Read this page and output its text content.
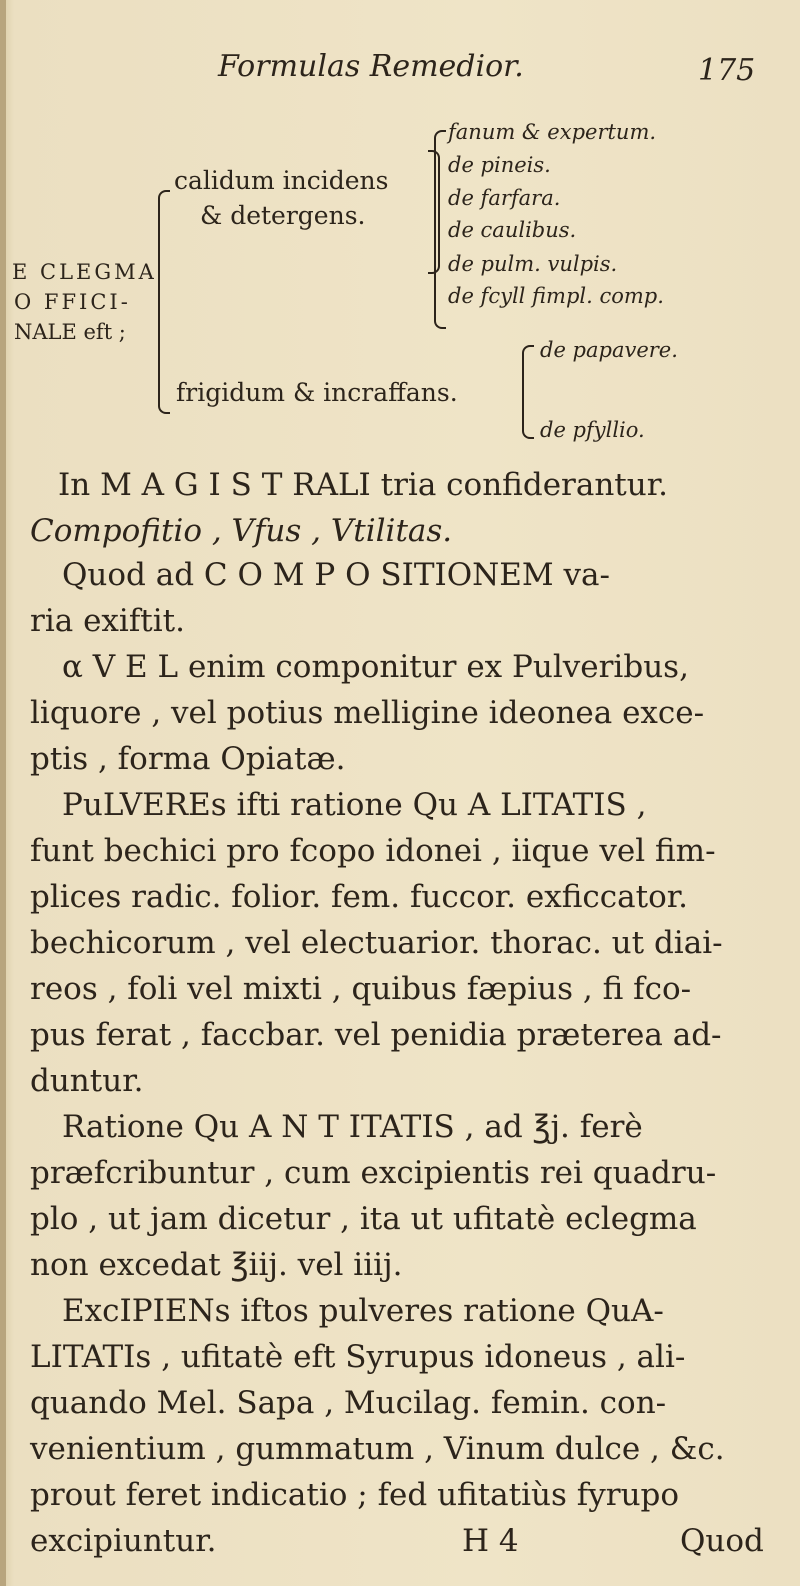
Formulas Remedior.	175
E CLEGMA
O FFICI-
NALE eft ;
calidum incidens
& detergens.
fanum & expertum.
de pineis.
de farfara.
de caulibus.
de pulm. vulpis.
de fcyll fimpl. comp.
frigidum & incraffans.
de papavere.
de pfyllio.
In M A G I S T RALI tria confiderantur.
Compofitio , Vfus , Vtilitas.
Quod ad C O M P O SITIONEM va-
ria exiftit.
α V E L enim componitur ex Pulveribus,
liquore , vel potius melligine ideonea exce-
ptis , forma Opiatæ.
PuLVEREs ifti ratione Qu A LITATIS ,
funt bechici pro fcopo idonei , iique vel fim-
plices radic. folior. fem. fuccor. exficcator.
bechicorum , vel electuarior. thorac. ut diai-
reos , foli vel mixti , quibus fæpius , fi fco-
pus ferat , faccbar. vel penidia præterea ad-
duntur.
Ratione Qu A N T ITATIS , ad ℥j. ferè
præfcribuntur , cum excipientis rei quadru-
plo , ut jam dicetur , ita ut ufitatè eclegma
non excedat ℥iij. vel iiij.
ExcIPIENs iftos pulveres ratione QuA-
LITATIs , ufitatè eft Syrupus idoneus , ali-
quando Mel. Sapa , Mucilag. femin. con-
venientium , gummatum , Vinum dulce , &c.
prout feret indicatio ; fed ufitatiùs fyrupo
excipiuntur.	H 4	Quod
